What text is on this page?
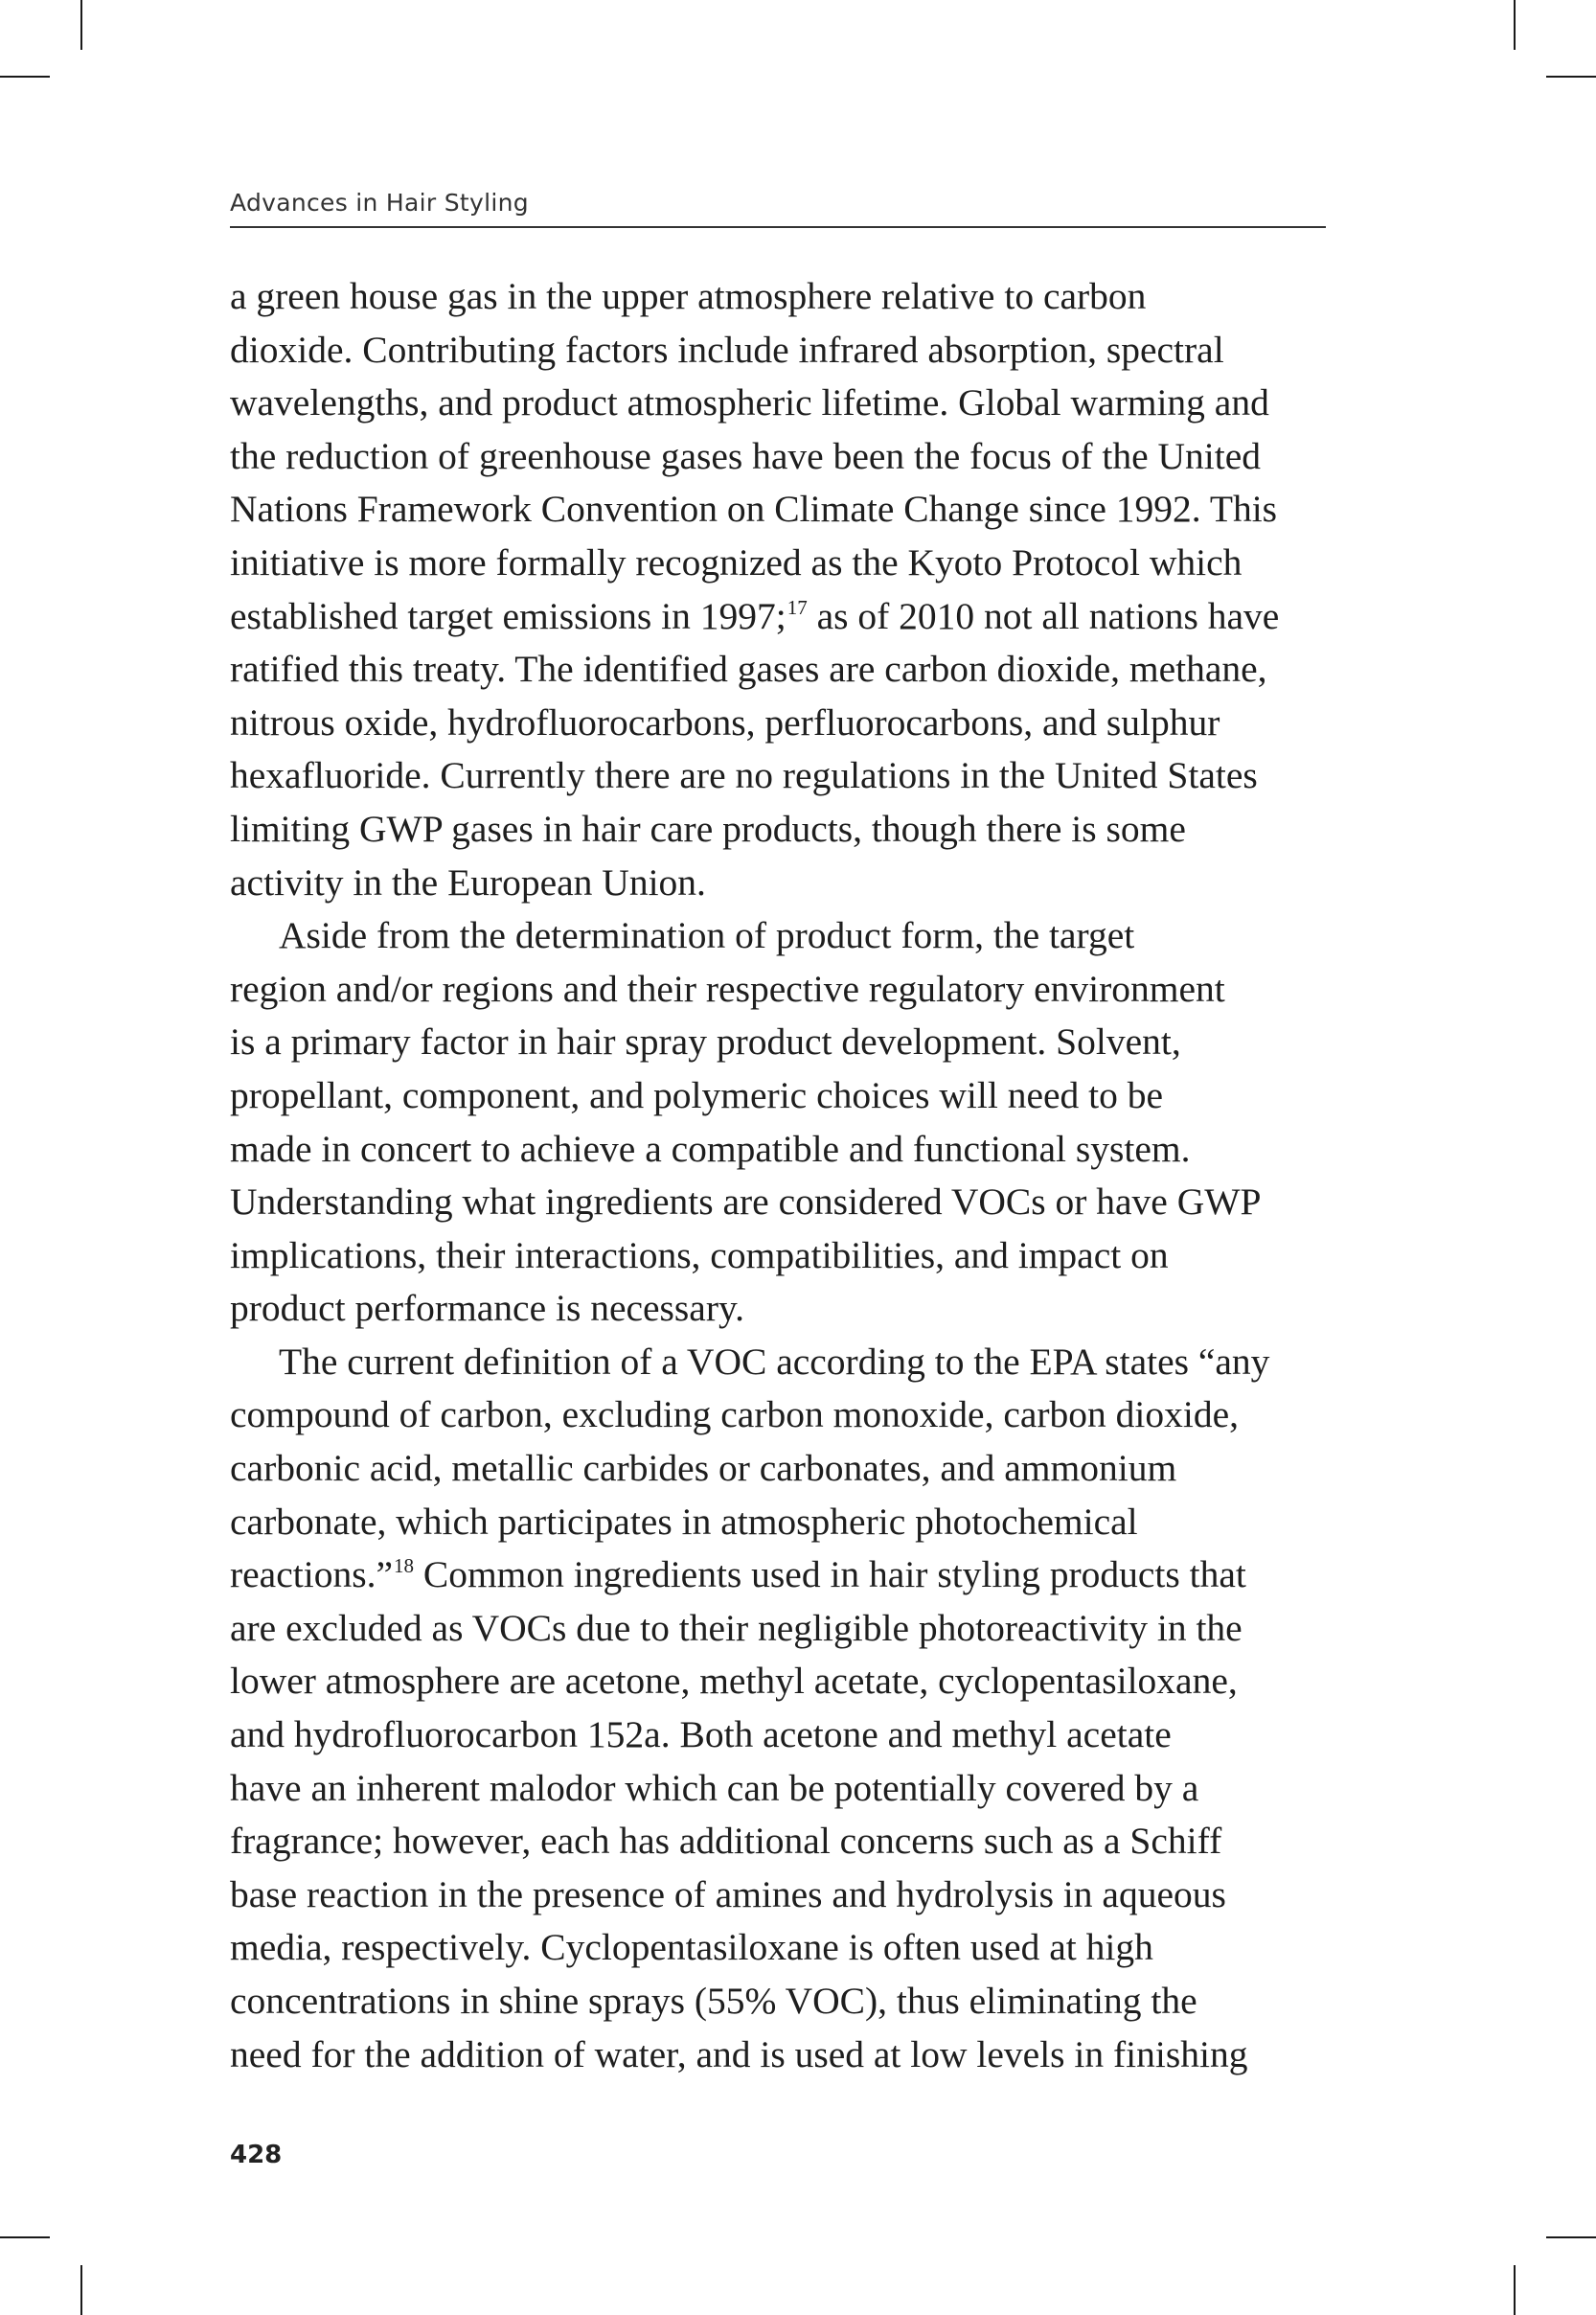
Advances in Hair Styling
a green house gas in the upper atmosphere relative to carbon
dioxide. Contributing factors include infrared absorption, spectral
wavelengths, and product atmospheric lifetime. Global warming and
the reduction of greenhouse gases have been the focus of the United
Nations Framework Convention on Climate Change since 1992. This
initiative is more formally recognized as the Kyoto Protocol which
established target emissions in 1997;$^{17}$ as of 2010 not all nations have
ratified this treaty. The identified gases are carbon dioxide, methane,
nitrous oxide, hydrofluorocarbons, perfluorocarbons, and sulphur
hexafluoride. Currently there are no regulations in the United States
limiting GWP gases in hair care products, though there is some
activity in the European Union.
Aside from the determination of product form, the target
region and/or regions and their respective regulatory environment
is a primary factor in hair spray product development. Solvent,
propellant, component, and polymeric choices will need to be
made in concert to achieve a compatible and functional system.
Understanding what ingredients are considered VOCs or have GWP
implications, their interactions, compatibilities, and impact on
product performance is necessary.
The current definition of a VOC according to the EPA states “any
compound of carbon, excluding carbon monoxide, carbon dioxide,
carbonic acid, metallic carbides or carbonates, and ammonium
carbonate, which participates in atmospheric photochemical
reactions.”$^{18}$ Common ingredients used in hair styling products that
are excluded as VOCs due to their negligible photoreactivity in the
lower atmosphere are acetone, methyl acetate, cyclopentasiloxane,
and hydrofluorocarbon 152a. Both acetone and methyl acetate
have an inherent malodor which can be potentially covered by a
fragrance; however, each has additional concerns such as a Schiff
base reaction in the presence of amines and hydrolysis in aqueous
media, respectively. Cyclopentasiloxane is often used at high
concentrations in shine sprays (55% VOC), thus eliminating the
need for the addition of water, and is used at low levels in finishing
428
